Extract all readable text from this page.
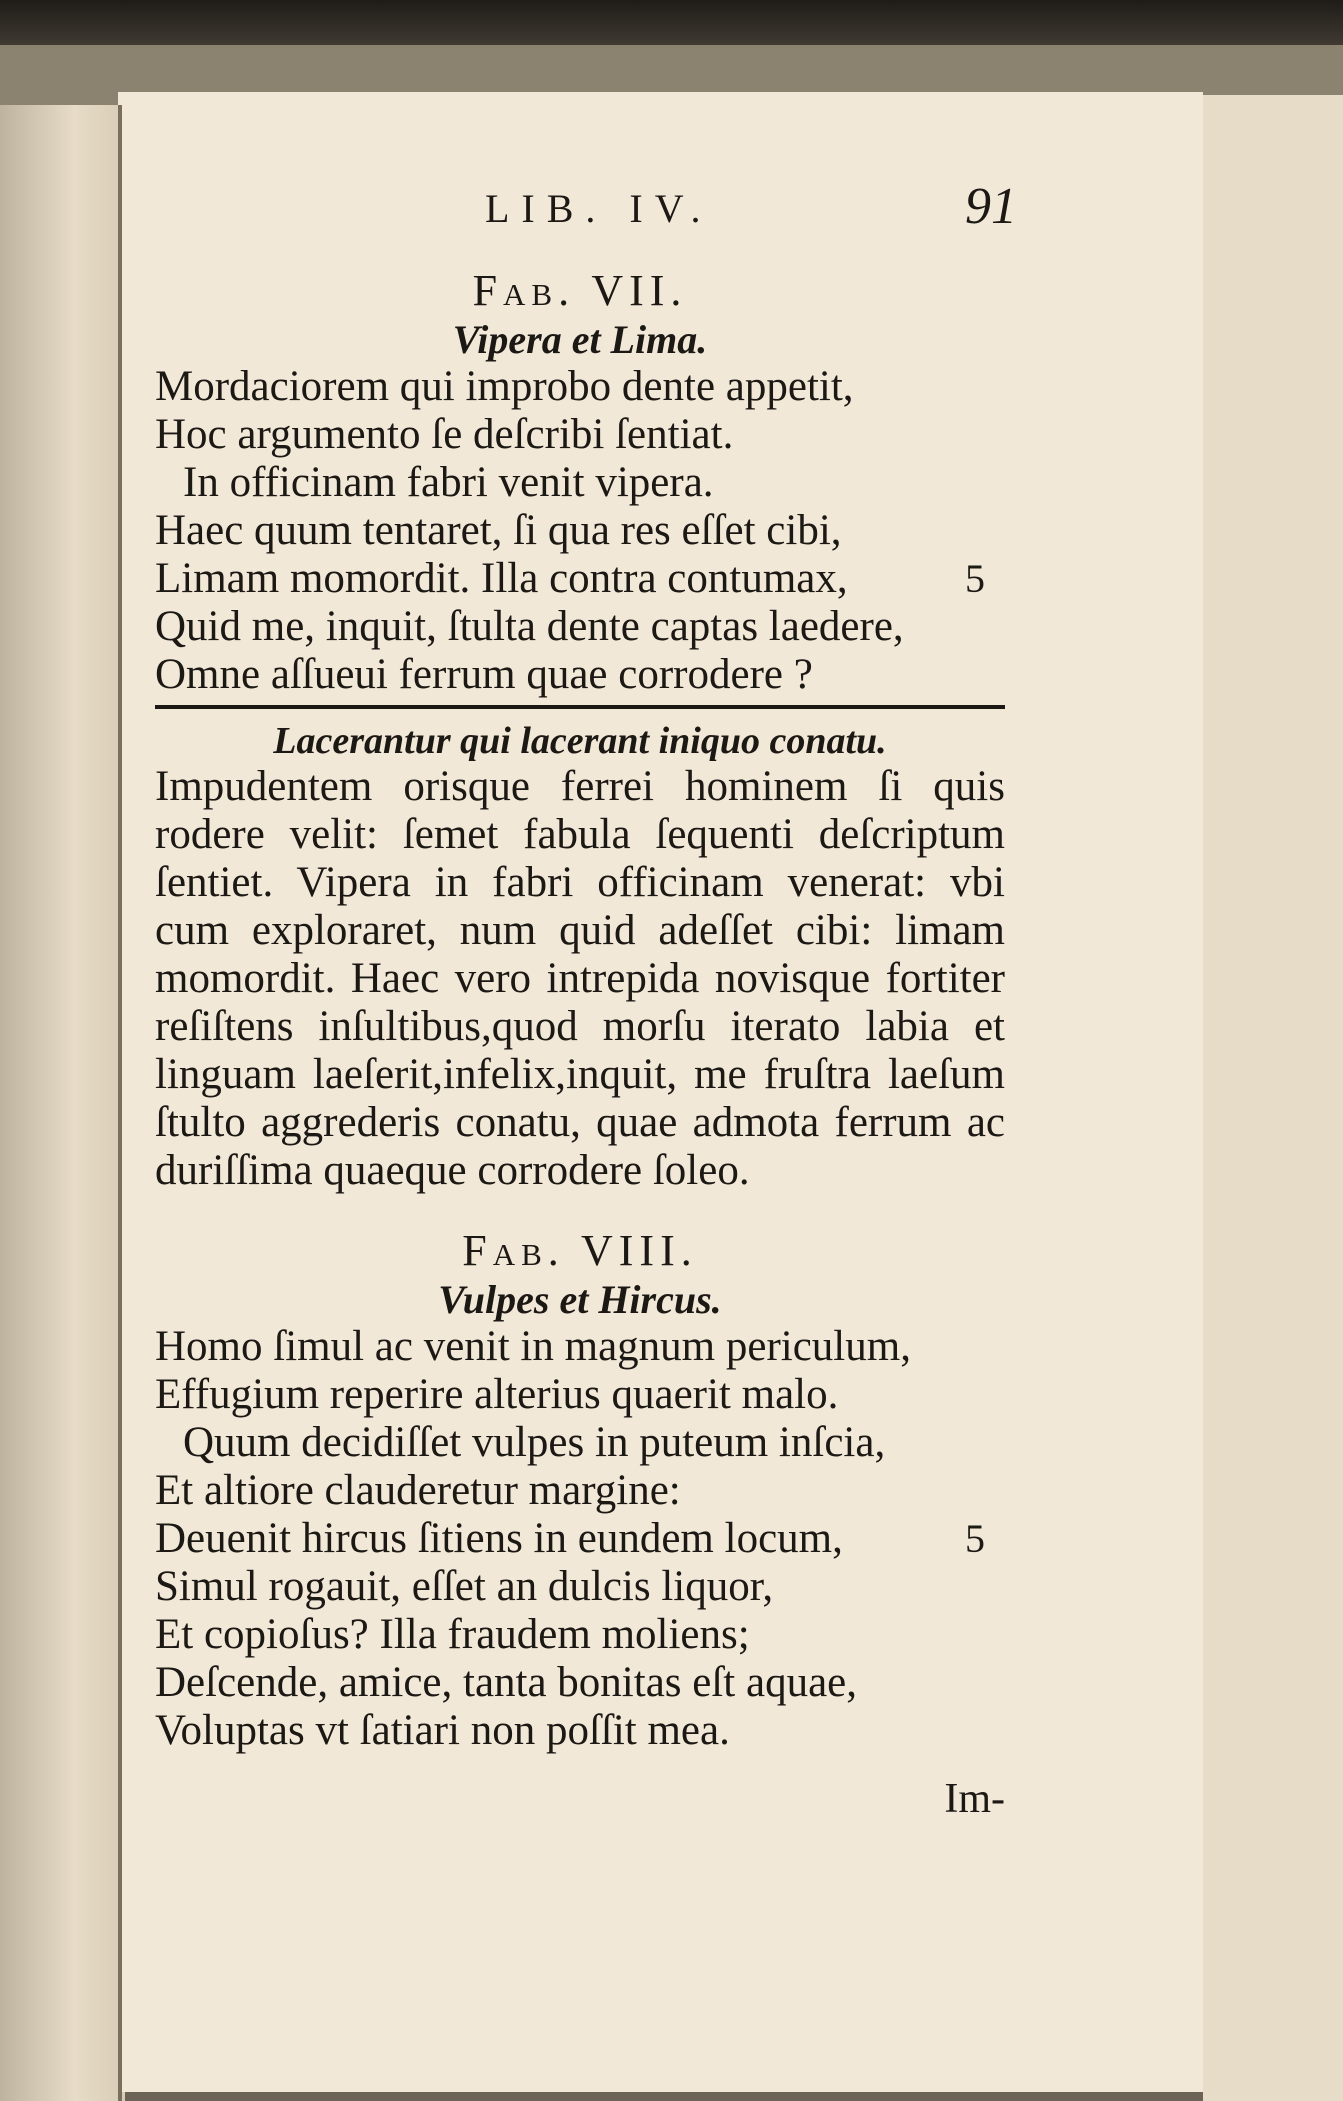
LIB. IV.	91
Fab. VII.
Vipera et Lima.
Mordaciorem qui improbo dente appetit,
Hoc argumento ſe deſcribi ſentiat.
In officinam fabri venit vipera.
Haec quum tentaret, ſi qua res eſſet cibi,
Limam momordit. Illa contra contumax,	5
Quid me, inquit, ſtulta dente captas laedere,
Omne aſſueui ferrum quae corrodere ?
Lacerantur qui lacerant iniquo conatu.

Impudentem orisque ferrei hominem ſi quis rodere velit: ſemet fabula ſequenti deſcriptum ſentiet. Vipera in fabri officinam venerat: vbi cum exploraret, num quid adeſſet cibi: limam momordit. Haec vero intrepida novisque fortiter reſiſtens inſultibus,quod morſu iterato labia et linguam laeſerit,infelix,inquit, me fruſtra laeſum ſtulto aggrederis conatu, quae admota ferrum ac duriſſima quaeque corrodere ſoleo.

Fab. VIII.
Vulpes et Hircus.
Homo ſimul ac venit in magnum periculum,
Effugium reperire alterius quaerit malo.
Quum decidiſſet vulpes in puteum inſcia,
Et altiore clauderetur margine:
Deuenit hircus ſitiens in eundem locum,	5
Simul rogauit, eſſet an dulcis liquor,
Et copioſus? Illa fraudem moliens;
Deſcende, amice, tanta bonitas eſt aquae,
Voluptas vt ſatiari non poſſit mea.
Im-
